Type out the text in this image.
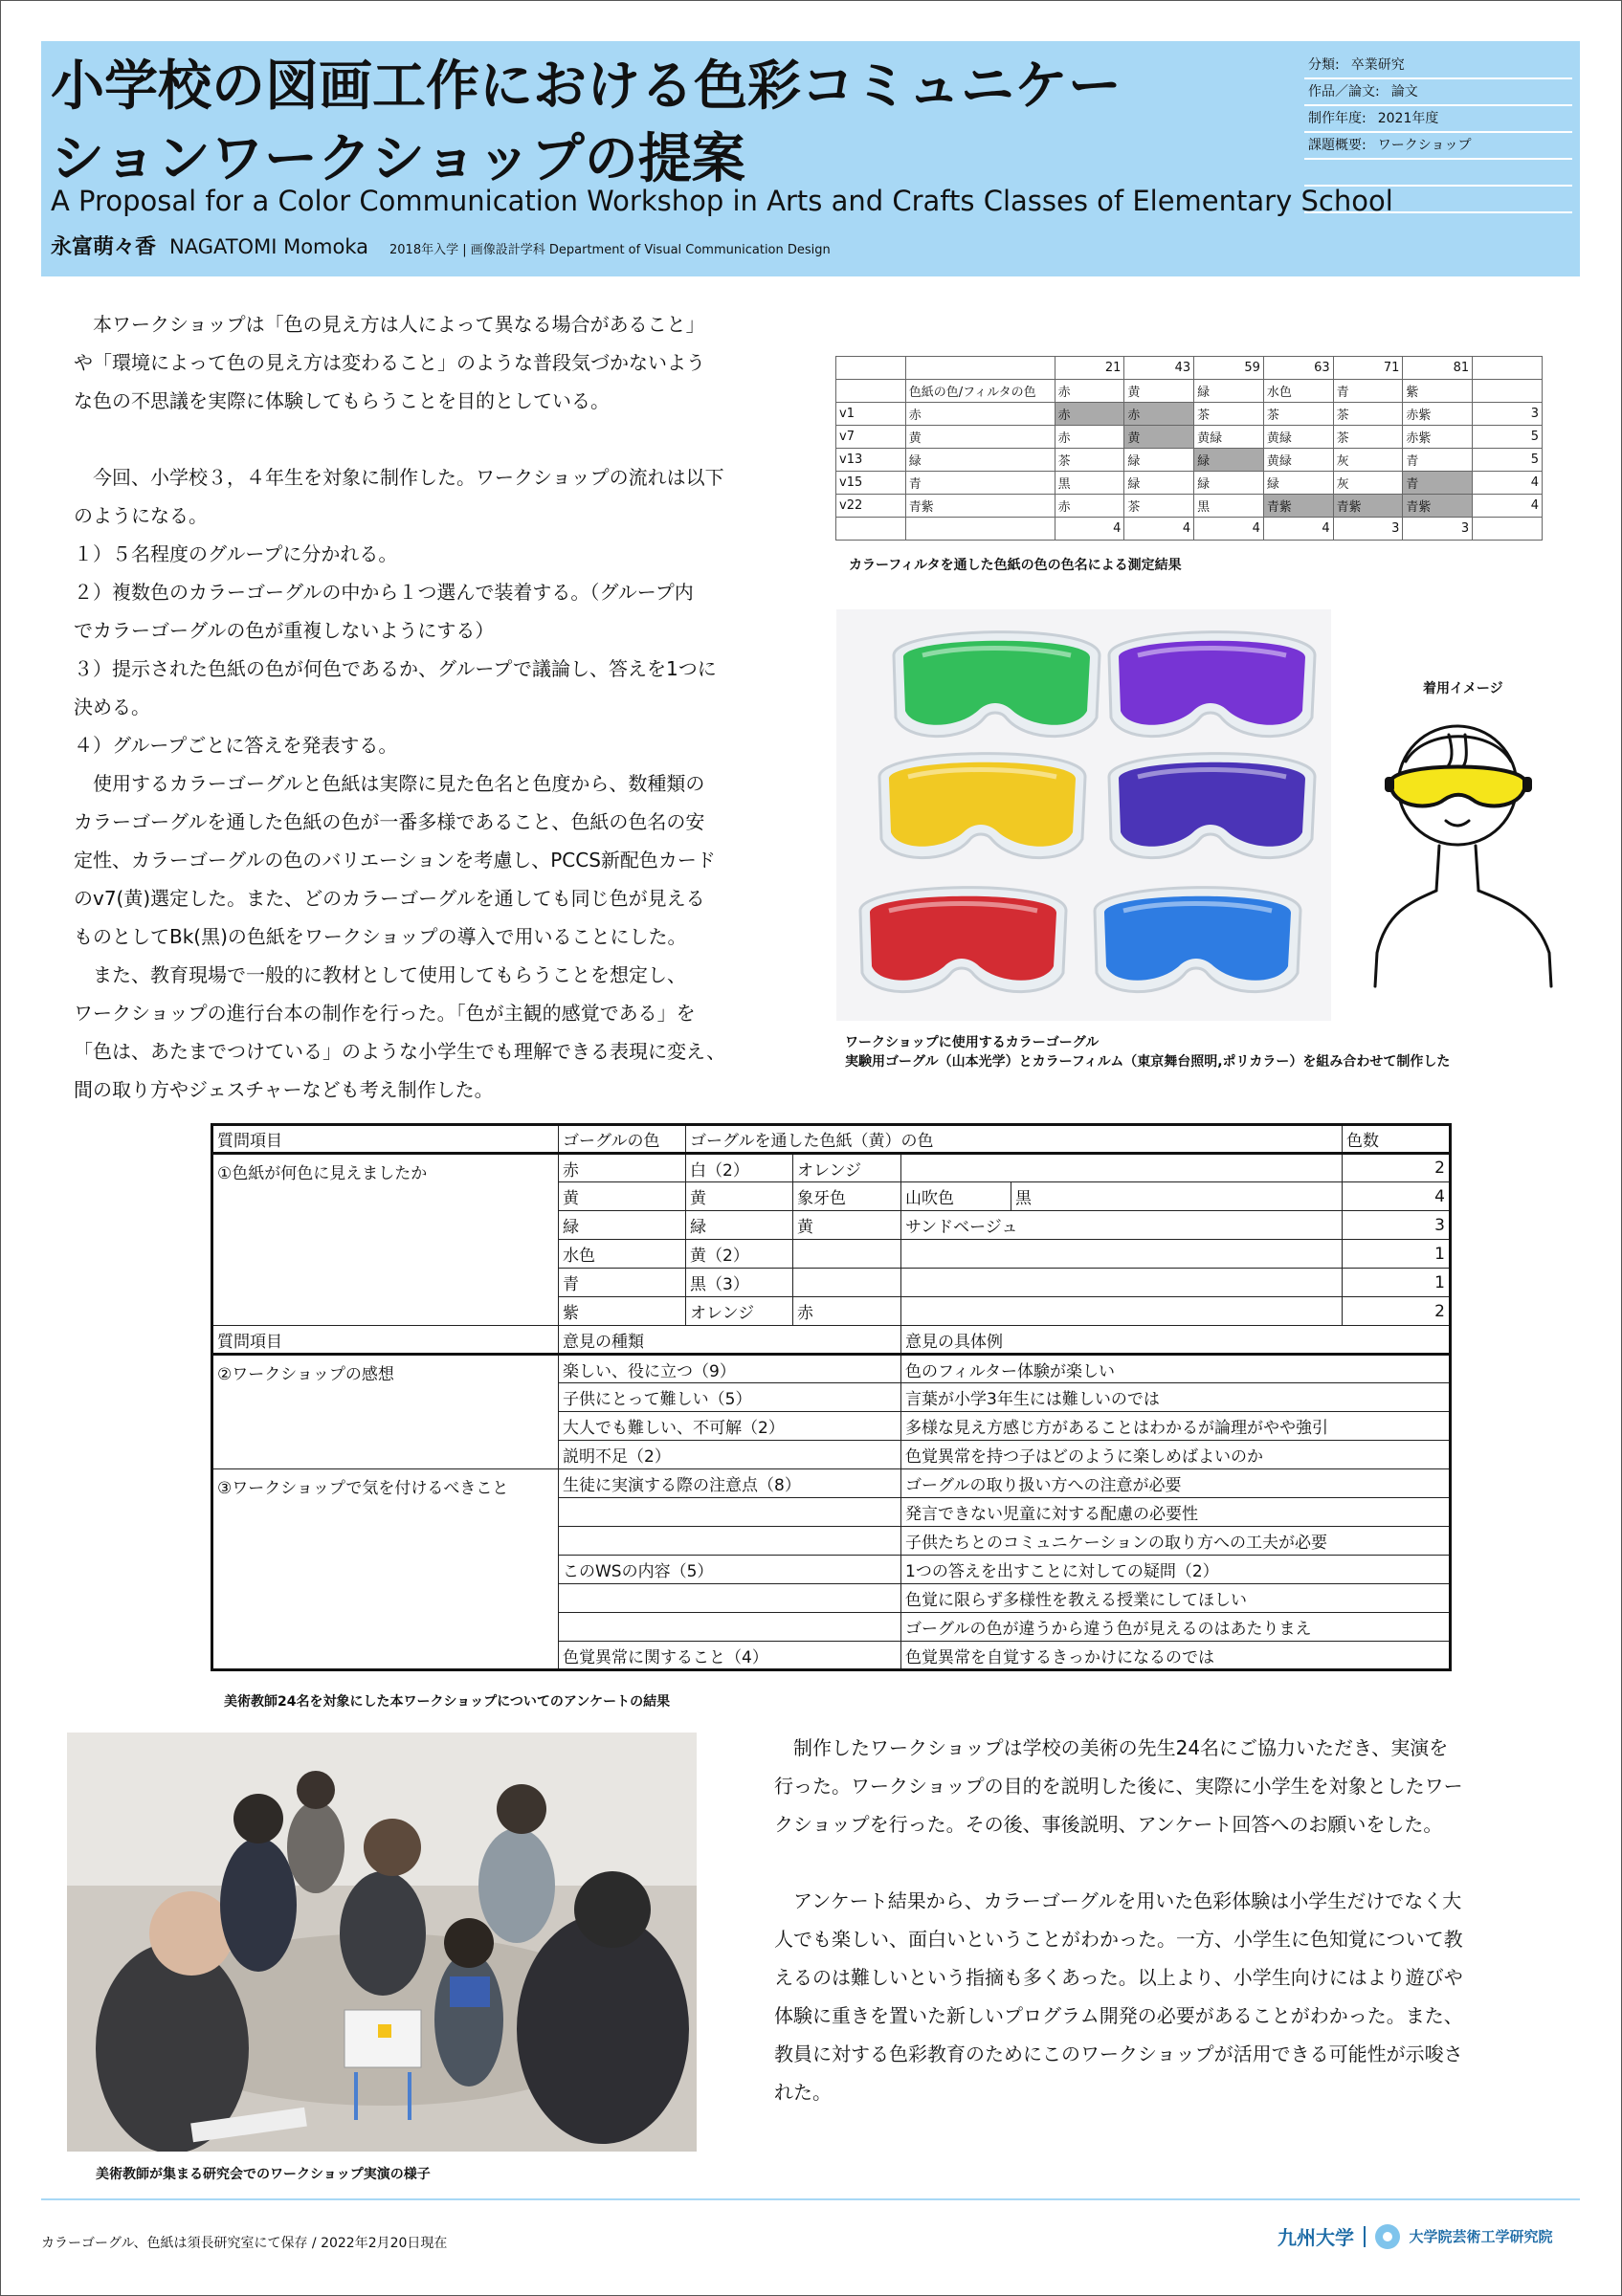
小学校の図画工作における色彩コミュニケー
ションワークショップの提案
A Proposal for a Color Communication Workshop in Arts and Crafts Classes of Elementary School
永富萌々香 NAGATOMI Momoka 2018年入学 | 画像設計学科 Department of Visual Communication Design
分類: 卒業研究
作品／論文: 論文
制作年度: 2021年度
課題概要: ワークショップ

　本ワークショップは「色の見え方は人によって異なる場合があること」

や「環境によって色の見え方は変わること」のような普段気づかないよう

な色の不思議を実際に体験してもらうことを目的としている。

　今回、小学校３，４年生を対象に制作した。ワークショップの流れは以下

のようになる。

１）５名程度のグループに分かれる。

２）複数色のカラーゴーグルの中から１つ選んで装着する。（グループ内

でカラーゴーグルの色が重複しないようにする）

３）提示された色紙の色が何色であるか、グループで議論し、答えを1つに

決める。

４）グループごとに答えを発表する。

　使用するカラーゴーグルと色紙は実際に見た色名と色度から、数種類の

カラーゴーグルを通した色紙の色が一番多様であること、色紙の色名の安

定性、カラーゴーグルの色のバリエーションを考慮し、PCCS新配色カード

のv7(黄)選定した。また、どのカラーゴーグルを通しても同じ色が見える

ものとしてBk(黒)の色紙をワークショップの導入で用いることにした。

　また、教育現場で一般的に教材として使用してもらうことを想定し、

ワークショップの進行台本の制作を行った。「色が主観的感覚である」を

「色は、あたまでつけている」のような小学生でも理解できる表現に変え、

間の取り方やジェスチャーなども考え制作した。

		21	43	59	63	71	81	
	色紙の色/フィルタの色	赤	黄	緑	水色	青	紫	
v1	赤	赤	赤	茶	茶	茶	赤紫	3
v7	黄	赤	黄	黄緑	黄緑	茶	赤紫	5
v13	緑	茶	緑	緑	黄緑	灰	青	5
v15	青	黒	緑	緑	緑	灰	青	4
v22	青紫	赤	茶	黒	青紫	青紫	青紫	4
		4	4	4	4	3	3	
カラーフィルタを通した色紙の色の色名による測定結果
ワークショップに使用するカラーゴーグル
実験用ゴーグル（山本光学）とカラーフィルム（東京舞台照明,ポリカラー）を組み合わせて制作した
着用イメージ
質問項目	ゴーグルの色	ゴーグルを通した色紙（黄）の色				色数
①色紙が何色に見えましたか	赤	白（2）	オレンジ			2
	黄	黄	象牙色	山吹色	黒	4
	緑	緑	黄	サンドベージュ		3
	水色	黄（2）				1
	青	黒（3）				1
	紫	オレンジ	赤			2
質問項目	意見の種類			意見の具体例		
②ワークショップの感想	楽しい、役に立つ（9）			色のフィルター体験が楽しい		
	子供にとって難しい（5）			言葉が小学3年生には難しいのでは		
	大人でも難しい、不可解（2）			多様な見え方感じ方があることはわかるが論理がやや強引		
	説明不足（2）			色覚異常を持つ子はどのように楽しめばよいのか		
③ワークショップで気を付けるべきこと	生徒に実演する際の注意点（8）			ゴーグルの取り扱い方への注意が必要		
				発言できない児童に対する配慮の必要性		
				子供たちとのコミュニケーションの取り方への工夫が必要		
	このWSの内容（5）			1つの答えを出すことに対しての疑問（2）		
				色覚に限らず多様性を教える授業にしてほしい		
				ゴーグルの色が違うから違う色が見えるのはあたりまえ		
	色覚異常に関すること（4）			色覚異常を自覚するきっかけになるのでは		
美術教師24名を対象にした本ワークショップについてのアンケートの結果
美術教師が集まる研究会でのワークショップ実演の様子

　制作したワークショップは学校の美術の先生24名にご協力いただき、実演を

行った。ワークショップの目的を説明した後に、実際に小学生を対象としたワー

クショップを行った。その後、事後説明、アンケート回答へのお願いをした。

　アンケート結果から、カラーゴーグルを用いた色彩体験は小学生だけでなく大

人でも楽しい、面白いということがわかった。一方、小学生に色知覚について教

えるのは難しいという指摘も多くあった。以上より、小学生向けにはより遊びや

体験に重きを置いた新しいプログラム開発の必要があることがわかった。また、

教員に対する色彩教育のためにこのワークショップが活用できる可能性が示唆さ

れた。

カラーゴーグル、色紙は須長研究室にて保存 / 2022年2月20日現在	九州大学	大学院芸術工学研究院
